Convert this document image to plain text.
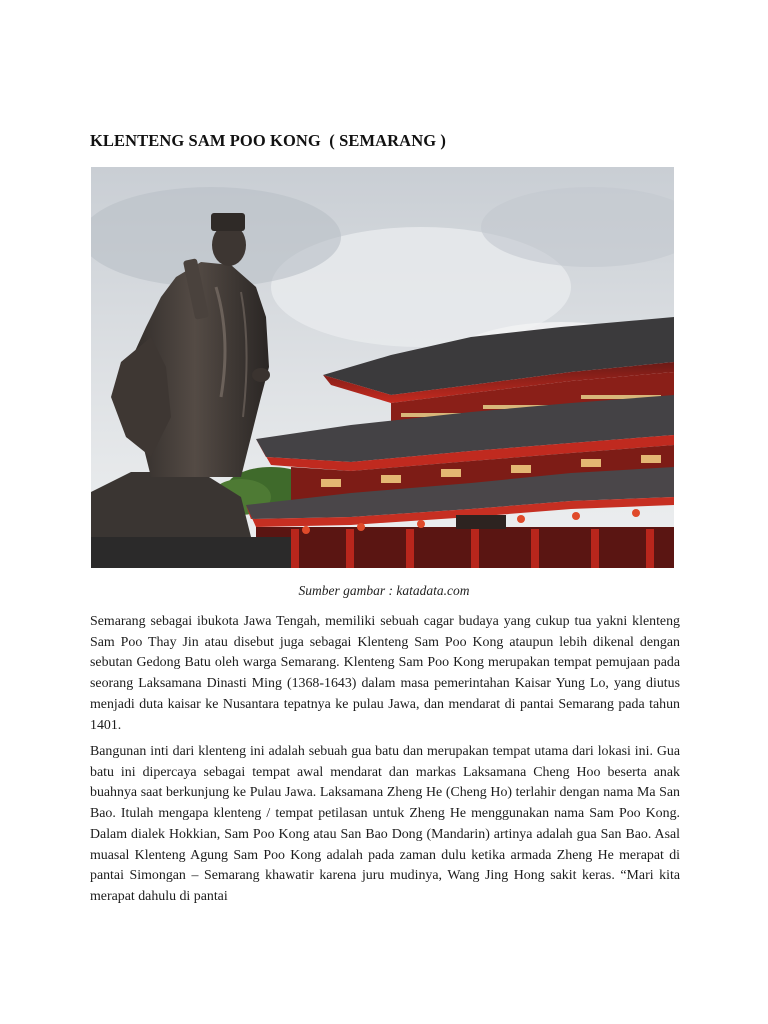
KLENTENG SAM POO KONG  ( SEMARANG )
Sumber gambar : katadata.com

Semarang sebagai ibukota Jawa Tengah, memiliki sebuah cagar budaya yang cukup tua yakni klenteng Sam Poo Thay Jin atau disebut juga sebagai Klenteng Sam Poo Kong ataupun lebih dikenal dengan sebutan Gedong Batu oleh warga Semarang. Klenteng Sam Poo Kong merupakan tempat pemujaan pada seorang Laksamana Dinasti Ming (1368-1643) dalam masa pemerintahan Kaisar Yung Lo, yang diutus menjadi duta kaisar ke Nusantara tepatnya ke pulau Jawa, dan mendarat di pantai Semarang pada tahun 1401.

Bangunan inti dari klenteng ini adalah sebuah gua batu dan merupakan tempat utama dari lokasi ini. Gua batu ini dipercaya sebagai tempat awal mendarat dan markas Laksamana Cheng Hoo beserta anak buahnya saat berkunjung ke Pulau Jawa. Laksamana Zheng He (Cheng Ho) terlahir dengan nama Ma San Bao. Itulah mengapa klenteng / tempat petilasan untuk Zheng He menggunakan nama Sam Poo Kong. Dalam dialek Hokkian, Sam Poo Kong atau San Bao Dong (Mandarin) artinya adalah gua San Bao. Asal muasal Klenteng Agung Sam Poo Kong adalah pada zaman dulu ketika armada Zheng He merapat di pantai Simongan – Semarang khawatir karena juru mudinya, Wang Jing Hong sakit keras. “Mari kita merapat dahulu di pantai
